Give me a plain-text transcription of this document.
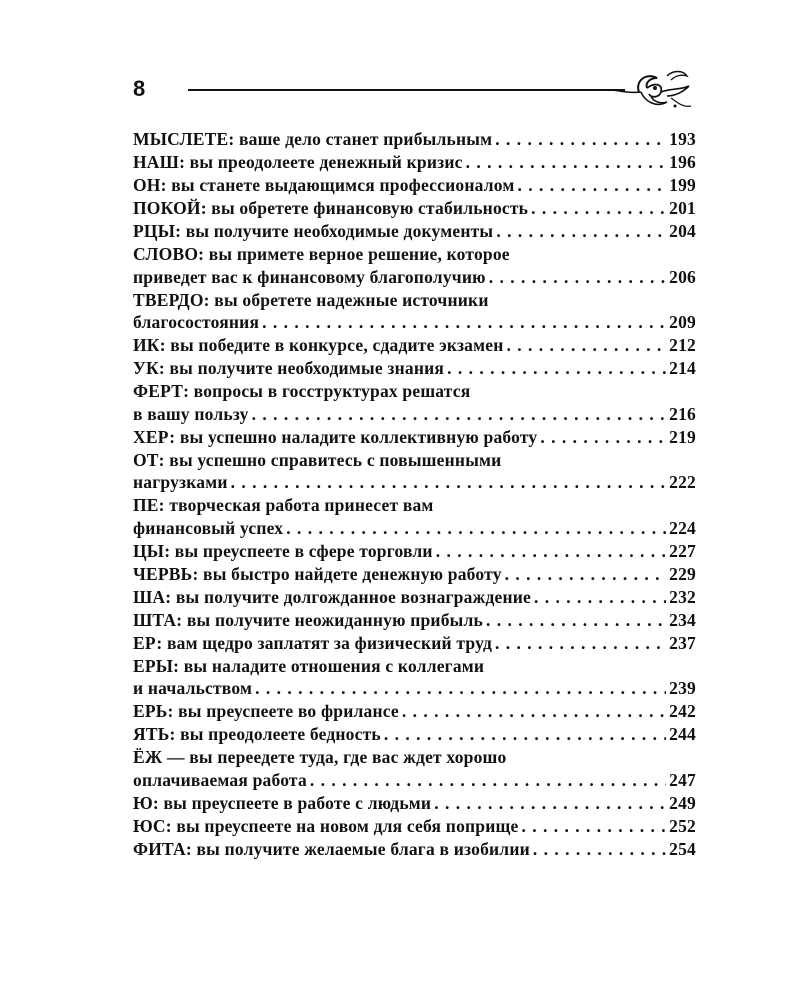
8
МЫСЛЕТЕ: ваше дело станет прибыльным . . .	193
НАШ: вы преодолеете денежный кризис . . .	196
ОН: вы станете выдающимся профессионалом . . .	199
ПОКОЙ: вы обретете финансовую стабильность . . .	201
РЦЫ: вы получите необходимые документы . . .	204
СЛОВО: вы примете верное решение, которое
приведет вас к финансовому благополучию . . .	206
ТВЕРДО: вы обретете надежные источники
благосостояния . . .	209
ИК: вы победите в конкурсе, сдадите экзамен . . .	212
УК: вы получите необходимые знания . . .	214
ФЕРТ: вопросы в госструктурах решатся
в вашу пользу . . .	216
ХЕР: вы успешно наладите коллективную работу . . .	219
ОТ: вы успешно справитесь с повышенными
нагрузками . . .	222
ПЕ: творческая работа принесет вам
финансовый успех . . .	224
ЦЫ: вы преуспеете в сфере торговли . . .	227
ЧЕРВЬ: вы быстро найдете денежную работу . . .	229
ША: вы получите долгожданное вознаграждение . . .	232
ШТА: вы получите неожиданную прибыль . . .	234
ЕР: вам щедро заплатят за физический труд . . .	237
ЕРЫ: вы наладите отношения с коллегами
и начальством . . .	239
ЕРЬ: вы преуспеете во фрилансе . . .	242
ЯТЬ: вы преодолеете бедность . . .	244
ЁЖ — вы переедете туда, где вас ждет хорошо
оплачиваемая работа . . .	247
Ю: вы преуспеете в работе с людьми . . .	249
ЮС: вы преуспеете на новом для себя поприще . . .	252
ФИТА: вы получите желаемые блага в изобилии . . .	254
